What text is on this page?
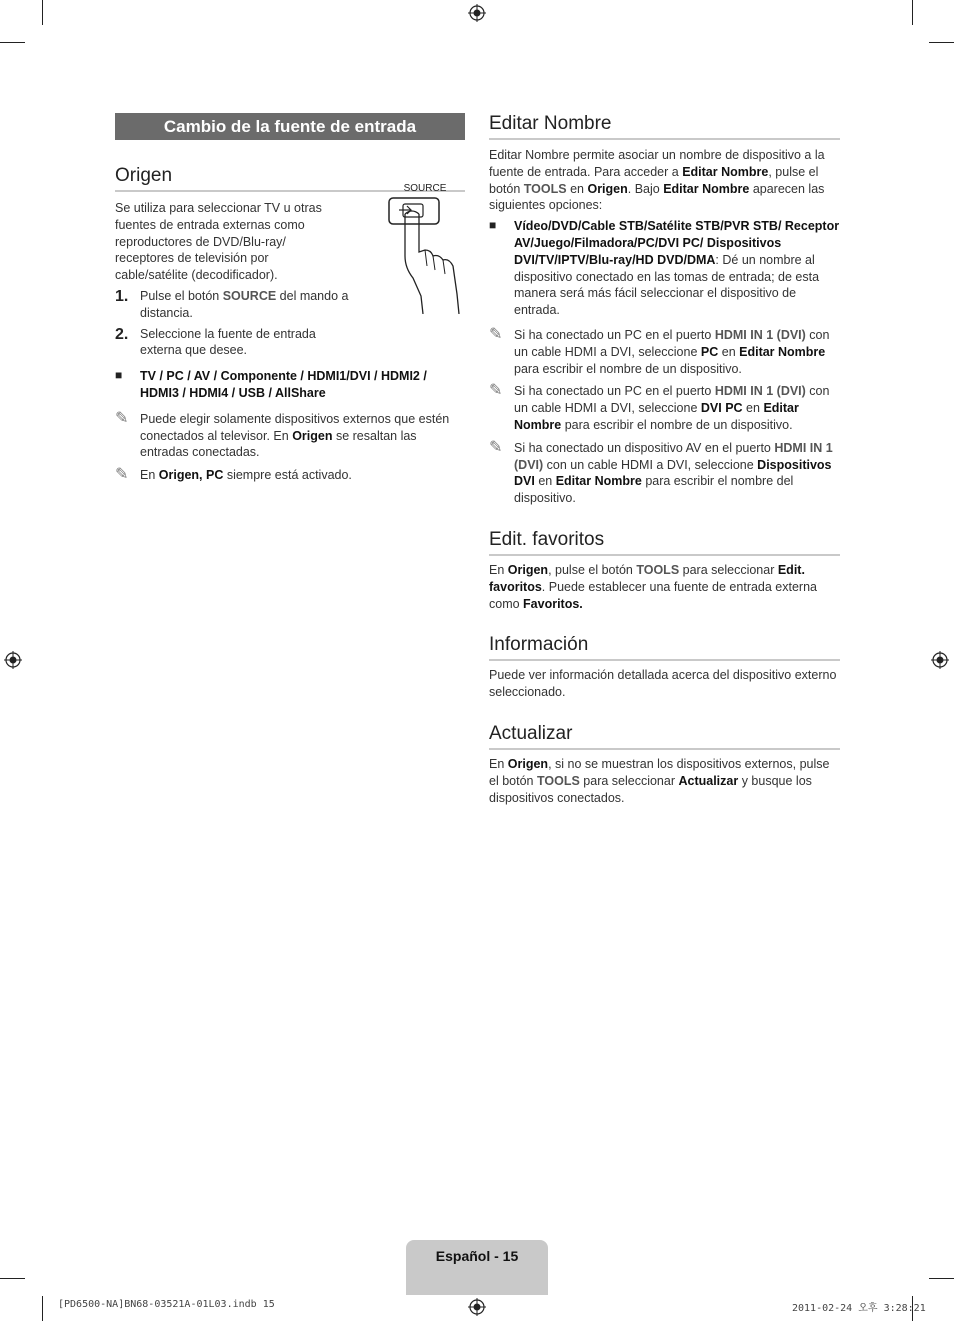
Cambio de la fuente de entrada
Origen

Se utiliza para seleccionar TV u otras fuentes de entrada externas como reproductores de DVD/Blu-ray/ receptores de televisión por cable/satélite (decodificador).

SOURCE
1. Pulse el botón SOURCE del mando a distancia.

2. Seleccione la fuente de entrada externa que desee.

■	TV / PC / AV / Componente / HDMI1/DVI / HDMI2 / HDMI3 / HDMI4 / USB / AllShare

✎ Puede elegir solamente dispositivos externos que estén conectados al televisor. En Origen se resaltan las entradas conectadas.

✎ En Origen, PC siempre está activado.

Editar Nombre

Editar Nombre permite asociar un nombre de dispositivo a la fuente de entrada. Para acceder a Editar Nombre, pulse el botón TOOLS en Origen. Bajo Editar Nombre aparecen las siguientes opciones:

■	Vídeo/DVD/Cable STB/Satélite STB/PVR STB/ Receptor AV/Juego/Filmadora/PC/DVI PC/ Dispositivos DVI/TV/IPTV/Blu-ray/HD DVD/DMA: Dé un nombre al dispositivo conectado en las tomas de entrada; de esta manera será más fácil seleccionar el dispositivo de entrada.

✎ Si ha conectado un PC en el puerto HDMI IN 1 (DVI) con un cable HDMI a DVI, seleccione PC en Editar Nombre para escribir el nombre de un dispositivo.

✎ Si ha conectado un PC en el puerto HDMI IN 1 (DVI) con un cable HDMI a DVI, seleccione DVI PC en Editar Nombre para escribir el nombre de un dispositivo.

✎ Si ha conectado un dispositivo AV en el puerto HDMI IN 1 (DVI) con un cable HDMI a DVI, seleccione Dispositivos DVI en Editar Nombre para escribir el nombre del dispositivo.

Edit. favoritos

En Origen, pulse el botón TOOLS para seleccionar Edit. favoritos. Puede establecer una fuente de entrada externa como Favoritos.

Información

Puede ver información detallada acerca del dispositivo externo seleccionado.

Actualizar

En Origen, si no se muestran los dispositivos externos, pulse el botón TOOLS para seleccionar Actualizar y busque los dispositivos conectados.

Español - 15
[PD6500-NA]BN68-03521A-01L03.indb 15	2011-02-24 오후 3:28:21
